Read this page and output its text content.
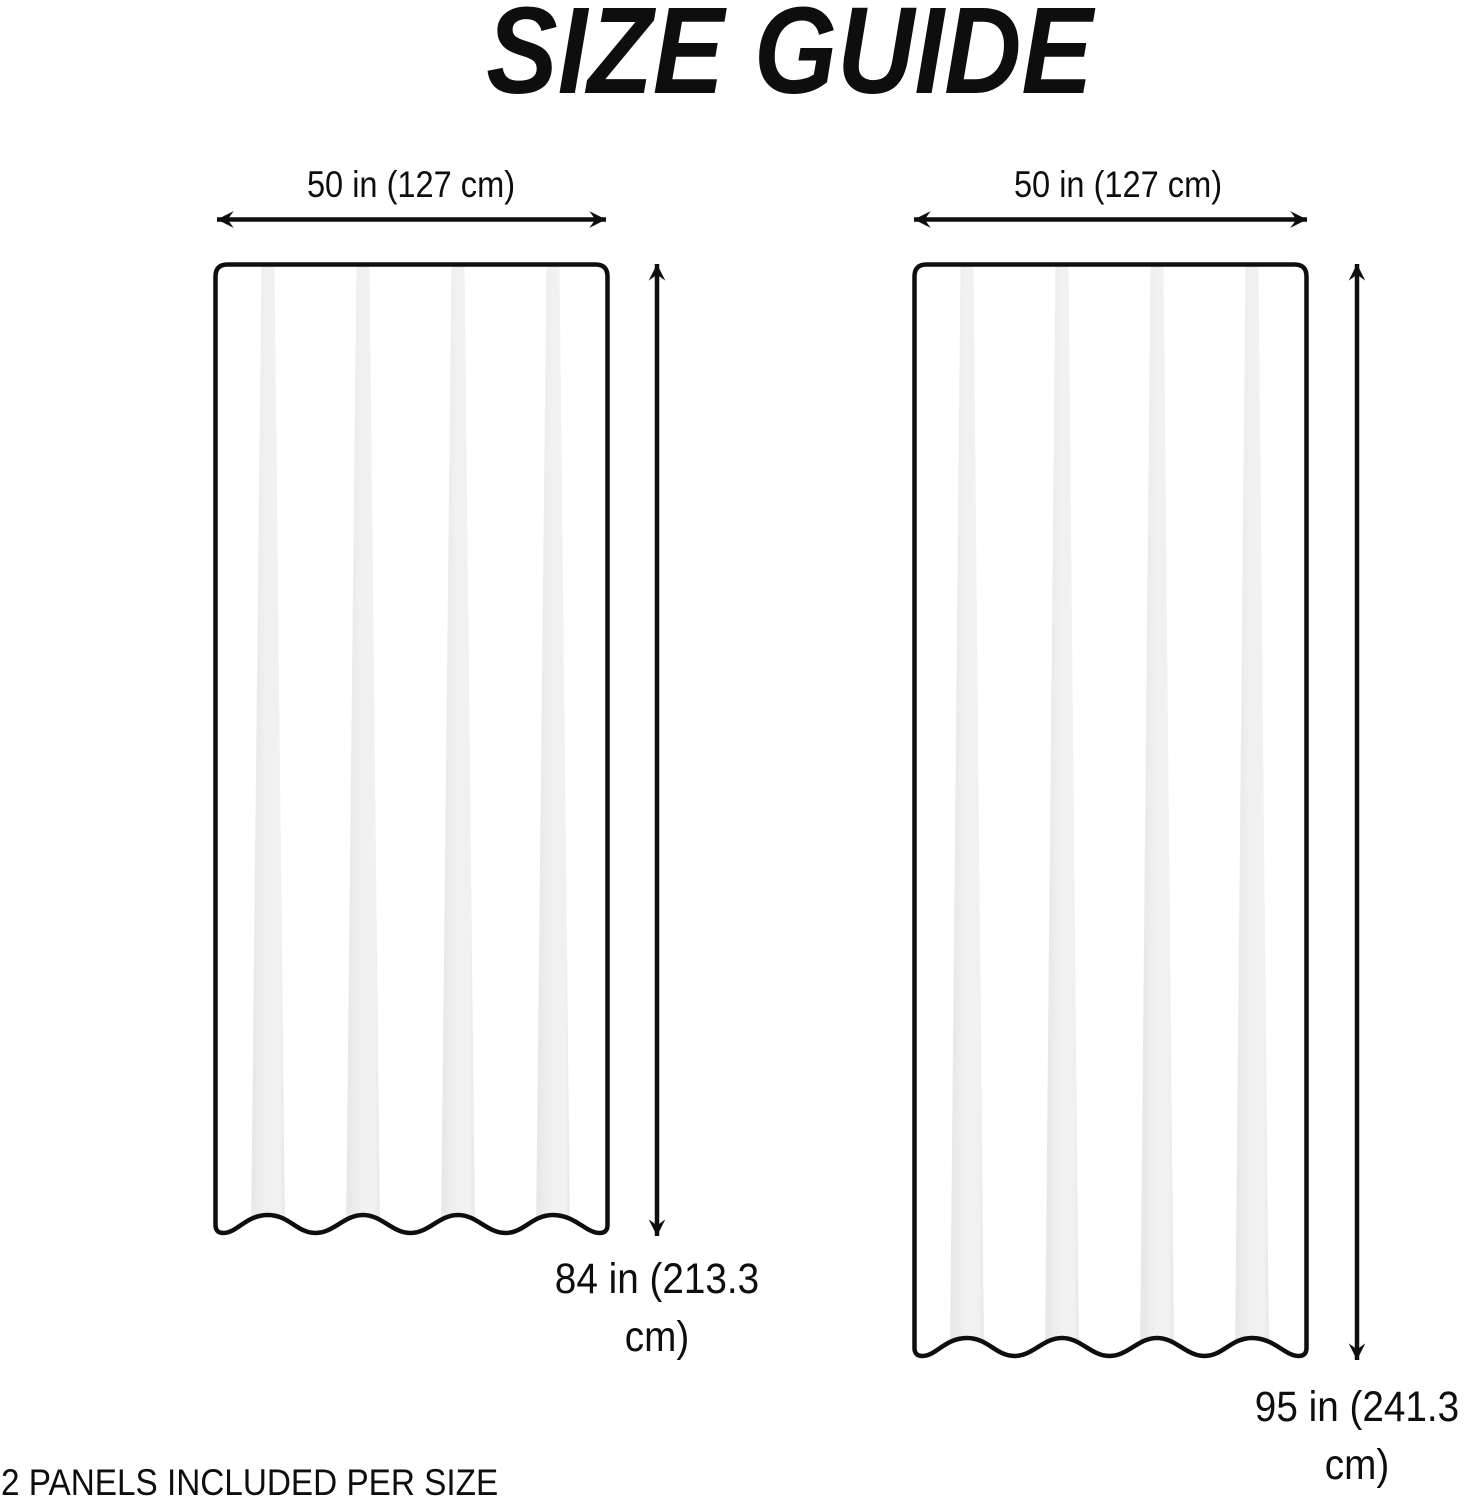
SIZE GUIDE
50 in (127 cm)
84 in (213.3
cm)
50 in (127 cm)
95 in (241.3
cm)
2 PANELS INCLUDED PER SIZE
